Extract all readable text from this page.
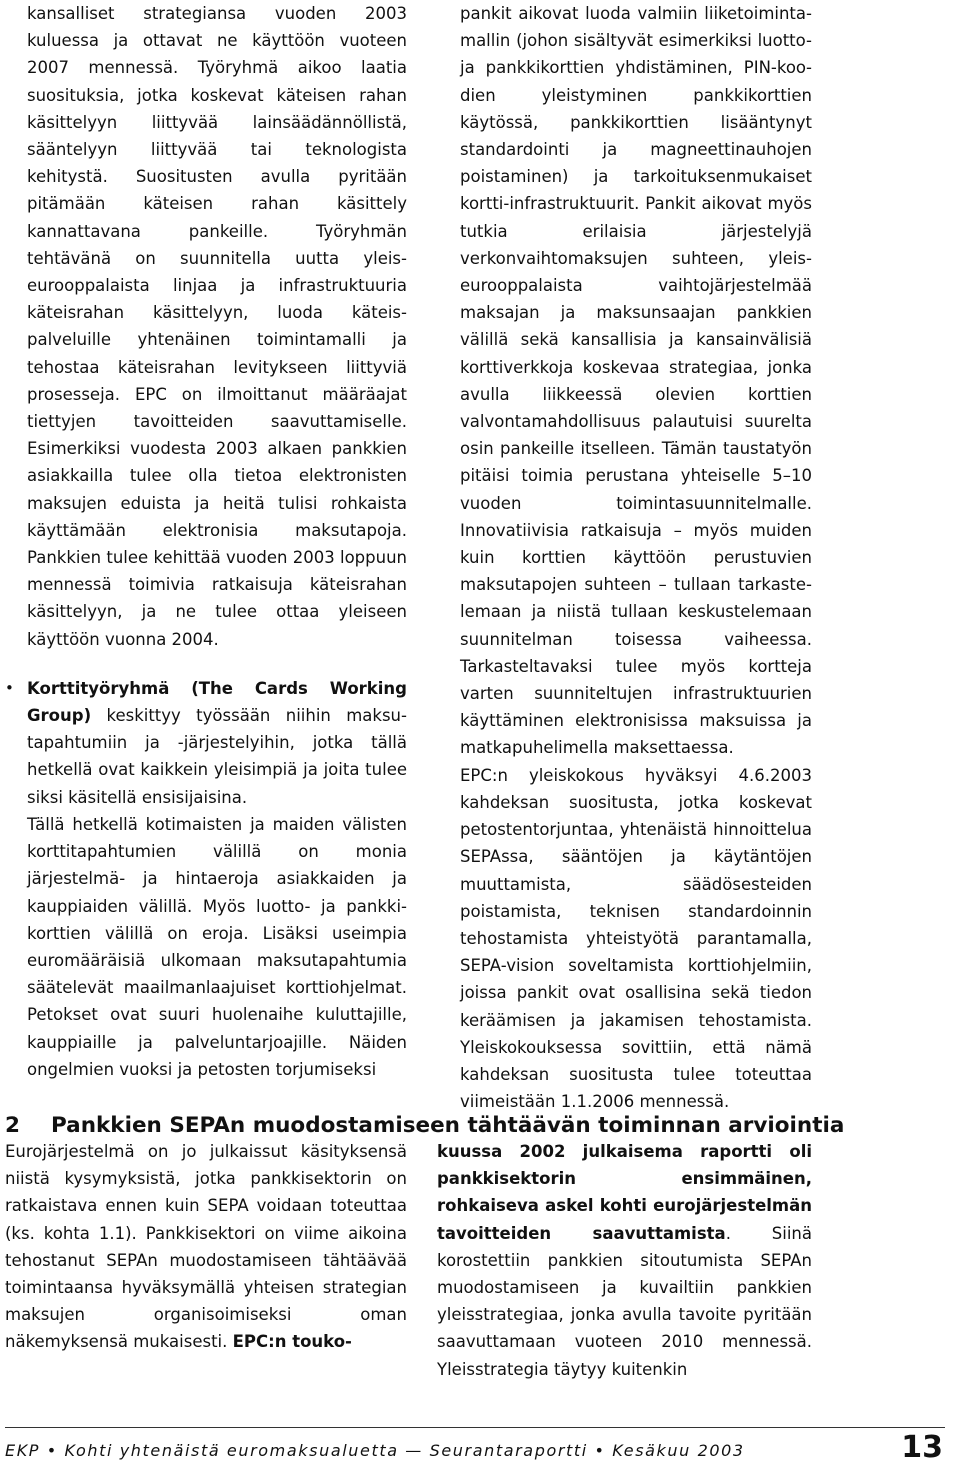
kansalliset strategiansa vuoden 2003 kuluessa ja ottavat ne käyttöön vuoteen 2007 mennessä. Työryhmä aikoo laatia suosituksia, jotka koskevat käteisen rahan käsittelyyn liittyvää lainsäädännöllistä, sääntelyyn liittyvää tai teknologista kehitystä. Suositusten avulla pyritään pitämään käteisen rahan käsittely kannattavana pankeille. Työryhmän tehtävänä on suunnitella uutta yleiseurooppalaista linjaa ja infrastruktuuria käteisrahan käsittelyyn, luoda käteispalveluille yhtenäinen toimintamalli ja tehostaa käteisrahan levitykseen liittyviä prosesseja. EPC on ilmoittanut määräajat tiettyjen tavoitteiden saavuttamiselle. Esimerkiksi vuodesta 2003 alkaen pankkien asiakkailla tulee olla tietoa elektronisten maksujen eduista ja heitä tulisi rohkaista käyttämään elektronisia maksutapoja. Pankkien tulee kehittää vuoden 2003 loppuun mennessä toimivia ratkaisuja käteisrahan käsittelyyn, ja ne tulee ottaa yleiseen käyttöön vuonna 2004.

• Korttityöryhmä (The Cards Working Group) keskittyy työssään niihin maksutapahtumiin ja -järjestelyihin, jotka tällä hetkellä ovat kaikkein yleisimpiä ja joita tulee siksi käsitellä ensisijaisina.

Tällä hetkellä kotimaisten ja maiden välisten korttitapahtumien välillä on monia järjestelmä- ja hintaeroja asiakkaiden ja kauppiaiden välillä. Myös luotto- ja pankkikorttien välillä on eroja. Lisäksi useimpia euromääräisiä ulkomaan maksutapahtumia säätelevät maailmanlaajuiset korttiohjelmat. Petokset ovat suuri huolenaihe kuluttajille, kauppiaille ja palveluntarjoajille. Näiden ongelmien vuoksi ja petosten torjumiseksi

pankit aikovat luoda valmiin liiketoimintamallin (johon sisältyvät esimerkiksi luotto- ja pankkikorttien yhdistäminen, PIN-koodien yleistyminen pankkikorttien käytössä, pankkikorttien lisääntynyt standardointi ja magneettinauhojen poistaminen) ja tarkoituksenmukaiset kortti-infrastruktuurit. Pankit aikovat myös tutkia erilaisia järjestelyjä verkonvaihtomaksujen suhteen, yleiseurooppalaista vaihtojärjestelmää maksajan ja maksunsaajan pankkien välillä sekä kansallisia ja kansainvälisiä korttiverkkoja koskevaa strategiaa, jonka avulla liikkeessä olevien korttien valvontamahdollisuus palautuisi suurelta osin pankeille itselleen. Tämän taustatyön pitäisi toimia perustana yhteiselle 5–10 vuoden toimintasuunnitelmalle. Innovatiivisia ratkaisuja – myös muiden kuin korttien käyttöön perustuvien maksutapojen suhteen – tullaan tarkastelemaan ja niistä tullaan keskustelemaan suunnitelman toisessa vaiheessa. Tarkasteltavaksi tulee myös kortteja varten suunniteltujen infrastruktuurien käyttäminen elektronisissa maksuissa ja matkapuhelimella maksettaessa.

EPC:n yleiskokous hyväksyi 4.6.2003 kahdeksan suositusta, jotka koskevat petostentorjuntaa, yhtenäistä hinnoittelua SEPAssa, sääntöjen ja käytäntöjen muuttamista, säädösesteiden poistamista, teknisen standardoinnin tehostamista yhteistyötä parantamalla, SEPA-vision soveltamista korttiohjelmiin, joissa pankit ovat osallisina sekä tiedon keräämisen ja jakamisen tehostamista. Yleiskokouksessa sovittiin, että nämä kahdeksan suositusta tulee toteuttaa viimeistään 1.1.2006 mennessä.

2 Pankkien SEPAn muodostamiseen tähtäävän toiminnan arviointia

Eurojärjestelmä on jo julkaissut käsityksensä niistä kysymyksistä, jotka pankkisektorin on ratkaistava ennen kuin SEPA voidaan toteuttaa (ks. kohta 1.1). Pankkisektori on viime aikoina tehostanut SEPAn muodostamiseen tähtäävää toimintaansa hyväksymällä yhteisen strategian maksujen organisoimiseksi oman näkemyksensä mukaisesti. EPC:n touko-

kuussa 2002 julkaisema raportti oli pankkisektorin ensimmäinen, rohkaiseva askel kohti eurojärjestelmän tavoitteiden saavuttamista. Siinä korostettiin pankkien sitoutumista SEPAn muodostamiseen ja kuvailtiin pankkien yleisstrategiaa, jonka avulla tavoite pyritään saavuttamaan vuoteen 2010 mennessä. Yleisstrategia täytyy kuitenkin

EKP • Kohti yhtenäistä euromaksualuetta — Seurantaraportti • Kesäkuu 2003	13
